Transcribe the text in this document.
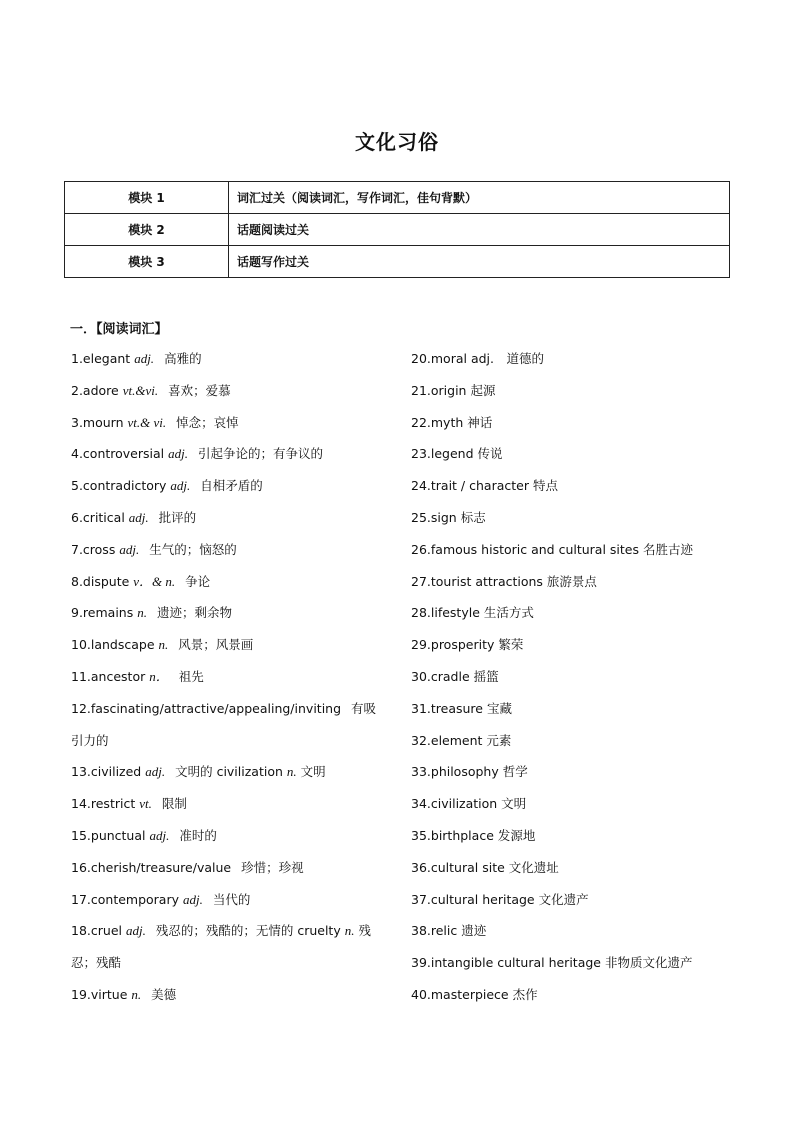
文化习俗
模块 1	词汇过关（阅读词汇，写作词汇，佳句背默）
模块 2	话题阅读过关
模块 3	话题写作过关
一．【阅读词汇】
1.elegant adj. 高雅的
2.adore vt.&vi. 喜欢；爱慕
3.mourn vt.& vi. 悼念；哀悼
4.controversial adj. 引起争论的；有争议的
5.contradictory adj. 自相矛盾的
6.critical adj. 批评的
7.cross adj. 生气的；恼怒的
8.dispute v．& n. 争论
9.remains n. 遗迹；剩余物
10.landscape n. 风景；风景画
11.ancestor n． 祖先
12.fascinating/attractive/appealing/inviting 有吸引力的
13.civilized adj. 文明的 civilization n. 文明
14.restrict vt. 限制
15.punctual adj. 准时的
16.cherish/treasure/value 珍惜；珍视
17.contemporary adj. 当代的
18.cruel adj. 残忍的；残酷的；无情的 cruelty n. 残忍；残酷
19.virtue n. 美德
20.moral adj.　道德的
21.origin 起源
22.myth 神话
23.legend 传说
24.trait / character 特点
25.sign 标志
26.famous historic and cultural sites 名胜古迹
27.tourist attractions 旅游景点
28.lifestyle 生活方式
29.prosperity 繁荣
30.cradle 摇篮
31.treasure 宝藏
32.element 元素
33.philosophy 哲学
34.civilization 文明
35.birthplace 发源地
36.cultural site 文化遗址
37.cultural heritage 文化遗产
38.relic 遗迹
39.intangible cultural heritage 非物质文化遗产
40.masterpiece 杰作
